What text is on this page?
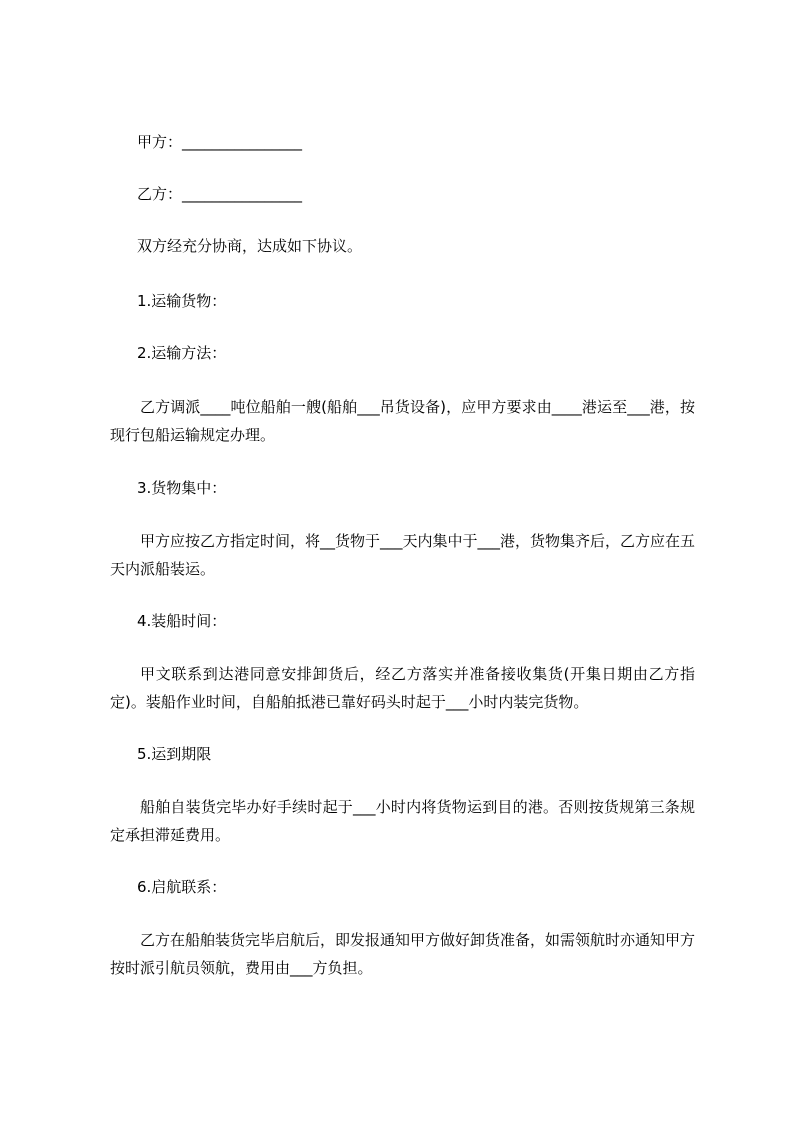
甲方：________________

乙方：________________

双方经充分协商，达成如下协议。

1.运输货物：

2.运输方法：

乙方调派____吨位船舶一艘(船舶___吊货设备)，应甲方要求由____港运至___港，按现行包船运输规定办理。

3.货物集中：

甲方应按乙方指定时间，将__货物于___天内集中于___港，货物集齐后，乙方应在五天内派船装运。

4.装船时间：

甲文联系到达港同意安排卸货后，经乙方落实并准备接收集货(开集日期由乙方指定)。装船作业时间，自船舶抵港已靠好码头时起于___小时内装完货物。

5.运到期限

船舶自装货完毕办好手续时起于___小时内将货物运到目的港。否则按货规第三条规定承担滞延费用。

6.启航联系：

乙方在船舶装货完毕启航后，即发报通知甲方做好卸货准备，如需领航时亦通知甲方按时派引航员领航，费用由___方负担。
